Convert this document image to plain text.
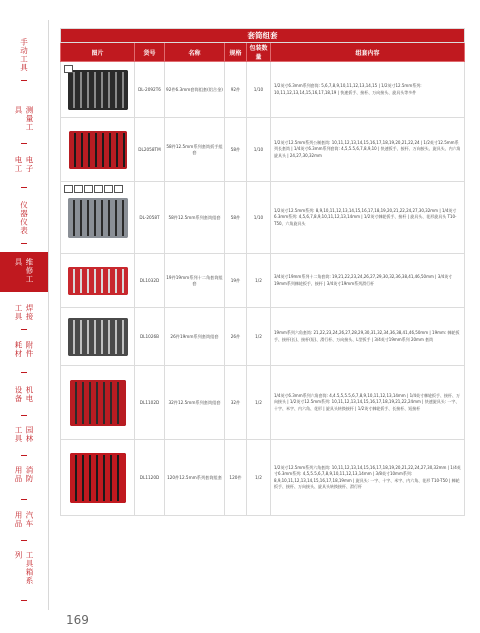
手动工具
测量工具
电子电工
仪器仪表
维修工具
焊接工具
附件耗材
机电设备
园林工具
消防用品
汽车用品
工具箱系列
套筒组套					
图片	货号	名称	规格	包装数量	组套内容

	DL-2092T6	92件6.3mm套筒组套(铝合金)	92件	1/10	1/2英寸6.3mm系列套筒: 5,6,7,8,9,10,11,12,13,14,15 | 1/2英寸12.5mm系列: 10,11,12,13,14,15,16,17,18,19 | 快速扳手、接杆、万向接头、旋具头等多件

	DL2058TM	58件12.5mm系列套筒扳手组套	58件	1/10	1/2英寸12.5mm系列公制套筒: 10,11,12,13,14,15,16,17,18,19,20,21,22,24 | 1/2英寸12.5mm系列长套筒 | 1/4英寸6.3mm系列套筒: 4,5,5.5,6,7,8,9,10 | 快速扳手、接杆、万向接头、旋具头、内六角旋具头 | 24,27,30,32mm

	DL-2058T	58件12.5mm系列套筒组套	58件	1/10	1/2英寸12.5mm系列: 8,9,10,11,12,13,14,15,16,17,18,19,20,21,22,24,27,30,32mm | 1/4英寸6.3mm系列: 4,5,6,7,8,9,10,11,12,13,14mm | 1/2英寸棘轮扳手、接杆 | 旋具头、花形旋具头 T10-T50、六角旋具头

	DL1032D	19件19mm系列十二角套筒组套	19件	1/2	3/4英寸19mm系列十二角套筒: 19,21,22,23,24,26,27,29,30,32,36,38,41,46,50mm | 3/4英寸19mm系列棘轮扳手、接杆 | 3/4英寸19mm系列滑行杆

	DL1026B	26件19mm系列套筒组套	26件	1/2	19mm系列六角套筒: 21,22,23,24,26,27,28,29,30,31,32,34,36,38,41,46,50mm | 19mm: 棘轮扳手、接杆(长)、接杆(短)、滑行杆、万向接头、L型扳手 | 3/4英寸19mm系列 20mm 套筒

	DL1102D	32件12.5mm系列套筒组套	32件	1/2	1/4英寸6.3mm系列六角套筒: 4,4.5,5,5.5,6,7,8,9,10,11,12,13,14mm | 1/4英寸棘轮扳手、接杆、万向接头 | 1/2英寸12.5mm系列: 10,11,12,13,14,15,16,17,18,19,21,22,24mm | 快速旋具头: 一字、十字、米字、内六角、花形 | 旋具头转换接杆 | 1/2英寸棘轮扳手、长接杆、短接杆

	DL1120D	120件12.5mm系列套筒组套	120件	1/2	1/2英寸12.5mm系列六角套筒: 10,11,12,13,14,15,16,17,18,19,20,21,22,24,27,30,32mm | 1/4英寸6.3mm系列: 4,5,5.5,6,7,8,9,10,11,12,13,14mm | 3/8英寸10mm系列: 8,9,10,11,12,13,14,15,16,17,18,19mm | 旋具头: 一字、十字、米字、内六角、花形 T10-T50 | 棘轮扳手、接杆、万向接头、旋具头转换接杆、滑行杆
169
